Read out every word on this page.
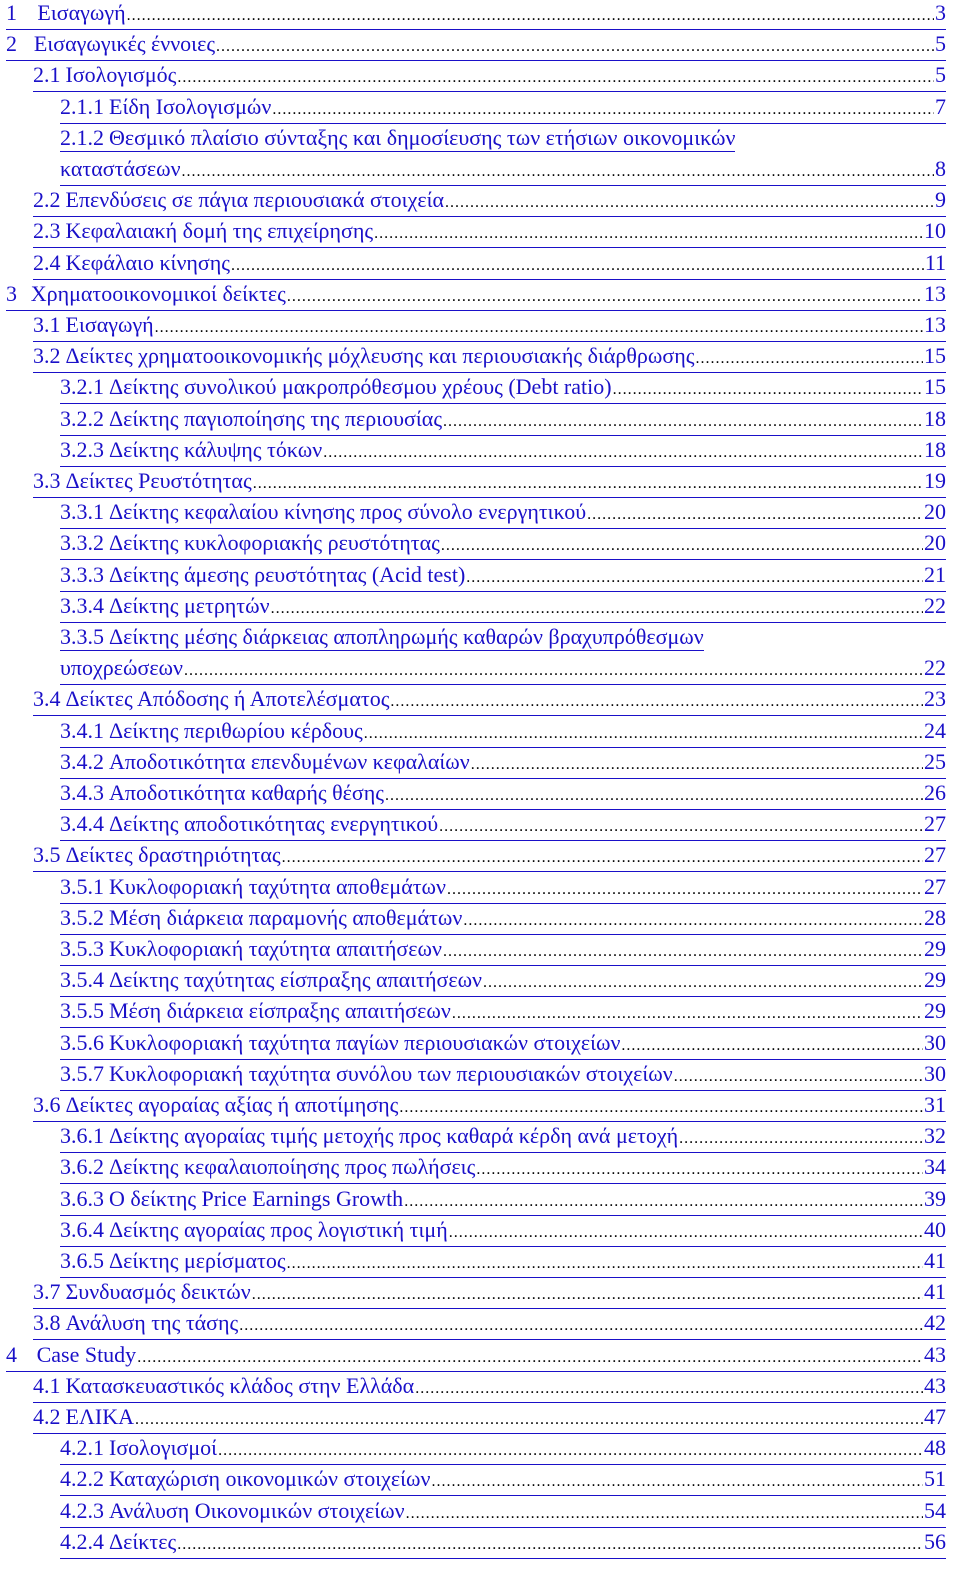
1 Εισαγωγή .....	3
2 Εισαγωγικές έννοιες .....	5
2.1 Ισολογισμός .....	5
2.1.1 Είδη Ισολογισμών .....	7
2.1.2 Θεσμικό πλαίσιο σύνταξης και δημοσίευσης των ετήσιων οικονομικών
καταστάσεων .....	8
2.2 Επενδύσεις σε πάγια περιουσιακά στοιχεία .....	9
2.3 Κεφαλαιακή δομή της επιχείρησης .....	10
2.4 Κεφάλαιο κίνησης .....	11
3 Χρηματοοικονομικοί δείκτες .....	13
3.1 Εισαγωγή .....	13
3.2 Δείκτες χρηματοοικονομικής μόχλευσης και περιουσιακής διάρθρωσης .....	15
3.2.1 Δείκτης συνολικού μακροπρόθεσμου χρέους (Debt ratio) .....	15
3.2.2 Δείκτης παγιοποίησης της περιουσίας .....	18
3.2.3 Δείκτης κάλυψης τόκων .....	18
3.3 Δείκτες Ρευστότητας .....	19
3.3.1 Δείκτης κεφαλαίου κίνησης προς σύνολο ενεργητικού .....	20
3.3.2 Δείκτης κυκλοφοριακής ρευστότητας .....	20
3.3.3 Δείκτης άμεσης ρευστότητας (Acid test) .....	21
3.3.4 Δείκτης μετρητών .....	22
3.3.5 Δείκτης μέσης διάρκειας αποπληρωμής καθαρών βραχυπρόθεσμων
υποχρεώσεων .....	22
3.4 Δείκτες Απόδοσης ή Αποτελέσματος .....	23
3.4.1 Δείκτης περιθωρίου κέρδους .....	24
3.4.2 Αποδοτικότητα επενδυμένων κεφαλαίων .....	25
3.4.3 Αποδοτικότητα καθαρής θέσης .....	26
3.4.4 Δείκτης αποδοτικότητας ενεργητικού .....	27
3.5 Δείκτες δραστηριότητας .....	27
3.5.1 Κυκλοφοριακή ταχύτητα αποθεμάτων .....	27
3.5.2 Μέση διάρκεια παραμονής αποθεμάτων .....	28
3.5.3 Κυκλοφοριακή ταχύτητα απαιτήσεων .....	29
3.5.4 Δείκτης ταχύτητας είσπραξης απαιτήσεων .....	29
3.5.5 Μέση διάρκεια είσπραξης απαιτήσεων .....	29
3.5.6 Κυκλοφοριακή ταχύτητα παγίων περιουσιακών στοιχείων .....	30
3.5.7 Κυκλοφοριακή ταχύτητα συνόλου των περιουσιακών στοιχείων .....	30
3.6 Δείκτες αγοραίας αξίας ή αποτίμησης .....	31
3.6.1 Δείκτης αγοραίας τιμής μετοχής προς καθαρά κέρδη ανά μετοχή .....	32
3.6.2 Δείκτης κεφαλαιοποίησης προς πωλήσεις .....	34
3.6.3 Ο δείκτης Price Earnings Growth .....	39
3.6.4 Δείκτης αγοραίας προς λογιστική τιμή .....	40
3.6.5 Δείκτης μερίσματος .....	41
3.7 Συνδυασμός δεικτών .....	41
3.8 Ανάλυση της τάσης .....	42
4 Case Study .....	43
4.1 Κατασκευαστικός κλάδος στην Ελλάδα .....	43
4.2 ΕΛΙΚΑ .....	47
4.2.1 Ισολογισμοί .....	48
4.2.2 Καταχώριση οικονομικών στοιχείων .....	51
4.2.3 Ανάλυση Οικονομικών στοιχείων .....	54
4.2.4 Δείκτες .....	56
